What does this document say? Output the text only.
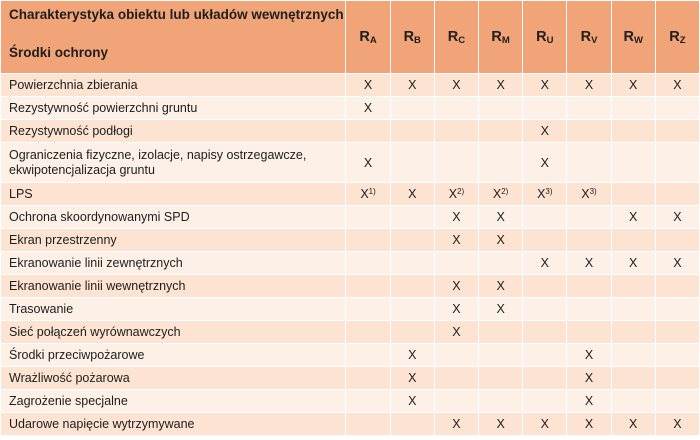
Charakterystyka obiektu lub układów wewnętrznych
Środki ochrony	$R_A$	$R_B$	$R_C$	$R_M$	$R_U$	$R_V$	$R_W$	$R_Z$
Powierzchnia zbierania	X	X	X	X	X	X	X	X
Rezystywność powierzchni gruntu	X							
Rezystywność podłogi					X			
Ograniczenia fizyczne, izolacje, napisy ostrzegawcze,
ekwipotencjalizacja gruntu	X				X			
LPS	$X^{1)}$	X	$X^{2)}$	$X^{2)}$	$X^{3)}$	$X^{3)}$		
Ochrona skoordynowanymi SPD			X	X			X	X
Ekran przestrzenny			X	X				
Ekranowanie linii zewnętrznych					X	X	X	X
Ekranowanie linii wewnętrznych			X	X				
Trasowanie			X	X				
Sieć połączeń wyrównawczych			X					
Środki przeciwpożarowe		X				X		
Wrażliwość pożarowa		X				X		
Zagrożenie specjalne		X				X		
Udarowe napięcie wytrzymywane			X	X	X	X	X	X
